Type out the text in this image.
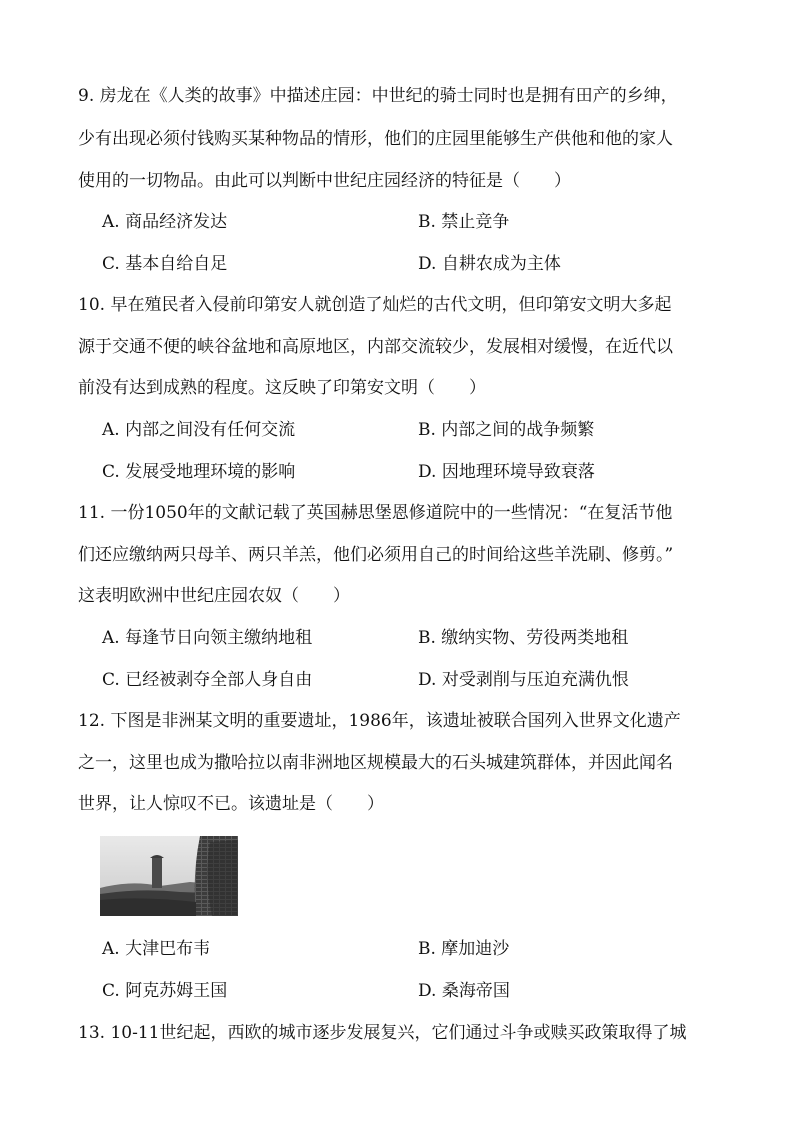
9. 房龙在《人类的故事》中描述庄园：中世纪的骑士同时也是拥有田产的乡绅，
少有出现必须付钱购买某种物品的情形，他们的庄园里能够生产供他和他的家人
使用的一切物品。由此可以判断中世纪庄园经济的特征是（　　）
A. 商品经济发达	B. 禁止竞争
C. 基本自给自足	D. 自耕农成为主体
10. 早在殖民者入侵前印第安人就创造了灿烂的古代文明，但印第安文明大多起
源于交通不便的峡谷盆地和高原地区，内部交流较少，发展相对缓慢，在近代以
前没有达到成熟的程度。这反映了印第安文明（　　）
A. 内部之间没有任何交流	B. 内部之间的战争频繁
C. 发展受地理环境的影响	D. 因地理环境导致衰落
11. 一份1050年的文献记载了英国赫思堡恩修道院中的一些情况：“在复活节他
们还应缴纳两只母羊、两只羊羔，他们必须用自己的时间给这些羊洗刷、修剪。”
这表明欧洲中世纪庄园农奴（　　）
A. 每逢节日向领主缴纳地租	B. 缴纳实物、劳役两类地租
C. 已经被剥夺全部人身自由	D. 对受剥削与压迫充满仇恨
12. 下图是非洲某文明的重要遗址，1986年，该遗址被联合国列入世界文化遗产
之一，这里也成为撒哈拉以南非洲地区规模最大的石头城建筑群体，并因此闻名
世界，让人惊叹不已。该遗址是（　　）
A. 大津巴布韦	B. 摩加迪沙
C. 阿克苏姆王国	D. 桑海帝国
13. 10-11世纪起，西欧的城市逐步发展复兴，它们通过斗争或赎买政策取得了城
